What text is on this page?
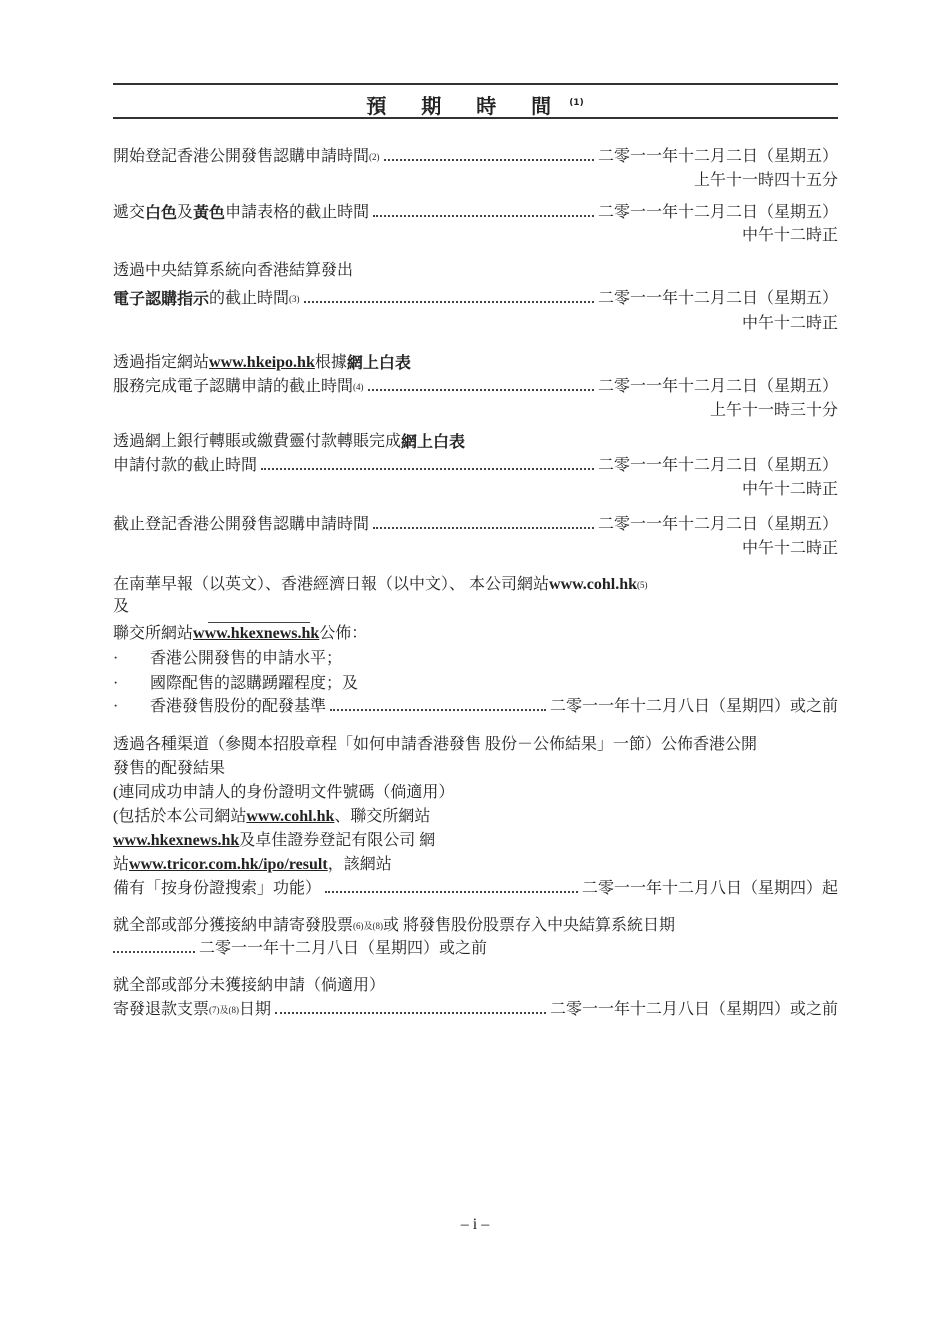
預 期 時 間 $^{(1)}$
開始登記香港公開發售認購申請時間 (2)	二零一一年十二月二日（星期五）
上午十一時四十五分
遞交 白色 及 黃色 申請表格的截止時間	二零一一年十二月二日（星期五）
中午十二時正
透過中央結算系統向香港結算發出
電子認購指示 的截止時間 (3)	二零一一年十二月二日（星期五）
中午十二時正
透過指定網站 www.hkeipo.hk 根據 網上白表
服務完成電子認購申請的截止時間 (4)	二零一一年十二月二日（星期五）
上午十一時三十分
透過網上銀行轉賬或繳費靈付款轉賬完成 網上白表
申請付款的截止時間	二零一一年十二月二日（星期五）
中午十二時正
截止登記香港公開發售認購申請時間	二零一一年十二月二日（星期五）
中午十二時正
在南華早報（以英文）、香港經濟日報（以中文）、 本公司網站 www.cohl.hk (5)
及
聯交所網站 www.hkexnews.hk 公佈：
·	香港公開發售的申請水平；
·	國際配售的認購踴躍程度；及
·	香港發售股份的配發基準	二零一一年十二月八日（星期四）或之前
透過各種渠道（參閱本招股章程「如何申請香港發售 股份－公佈結果」一節）公佈香港公開
發售的配發結果
(連同成功申請人的身份證明文件號碼（倘適用）
(包括於本公司網站 www.cohl.hk 、聯交所網站
www.hkexnews.hk 及卓佳證券登記有限公司 網
站 www.tricor.com.hk/ipo/result ，該網站
備有「按身份證搜索」功能）	二零一一年十二月八日（星期四）起
就全部或部分獲接納申請寄發股票 (6)及(8) 或 將發售股份股票存入中央結算系統日期
二零一一年十二月八日（星期四）或之前
就全部或部分未獲接納申請（倘適用）
寄發退款支票 (7)及(8) 日期	二零一一年十二月八日（星期四）或之前
– i –
